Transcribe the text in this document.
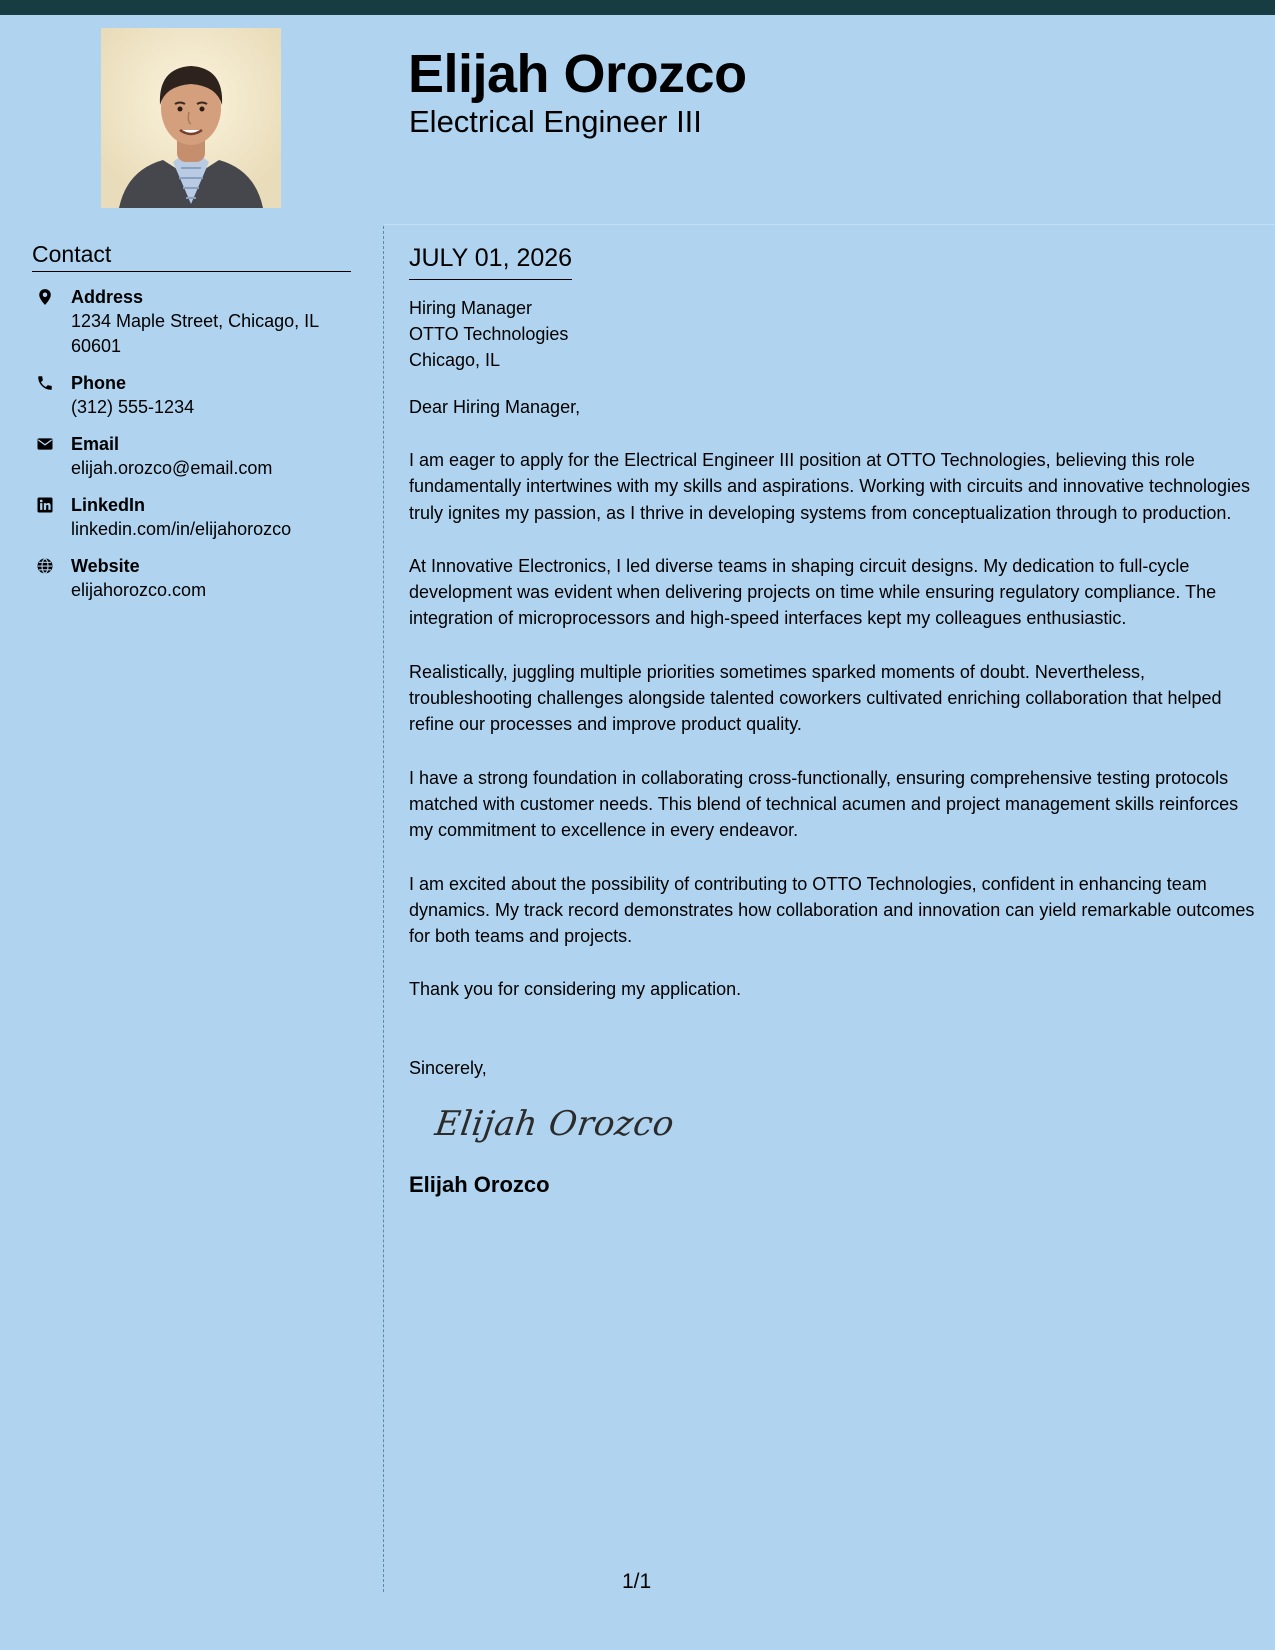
Elijah Orozco
Electrical Engineer III
Contact
Address
1234 Maple Street, Chicago, IL 60601
Phone
(312) 555-1234
Email
elijah.orozco@email.com
LinkedIn
linkedin.com/in/elijahorozco
Website
elijahorozco.com

JULY 01, 2026

Hiring Manager
OTTO Technologies
Chicago, IL

Dear Hiring Manager,

I am eager to apply for the Electrical Engineer III position at OTTO Technologies, believing this role fundamentally intertwines with my skills and aspirations. Working with circuits and innovative technologies truly ignites my passion, as I thrive in developing systems from conceptualization through to production.

At Innovative Electronics, I led diverse teams in shaping circuit designs. My dedication to full-cycle development was evident when delivering projects on time while ensuring regulatory compliance. The integration of microprocessors and high-speed interfaces kept my colleagues enthusiastic.

Realistically, juggling multiple priorities sometimes sparked moments of doubt. Nevertheless, troubleshooting challenges alongside talented coworkers cultivated enriching collaboration that helped refine our processes and improve product quality.

I have a strong foundation in collaborating cross-functionally, ensuring comprehensive testing protocols matched with customer needs. This blend of technical acumen and project management skills reinforces my commitment to excellence in every endeavor.

I am excited about the possibility of contributing to OTTO Technologies, confident in enhancing team dynamics. My track record demonstrates how collaboration and innovation can yield remarkable outcomes for both teams and projects.

Thank you for considering my application.

Sincerely,

Elijah Orozco

Elijah Orozco

1/1
